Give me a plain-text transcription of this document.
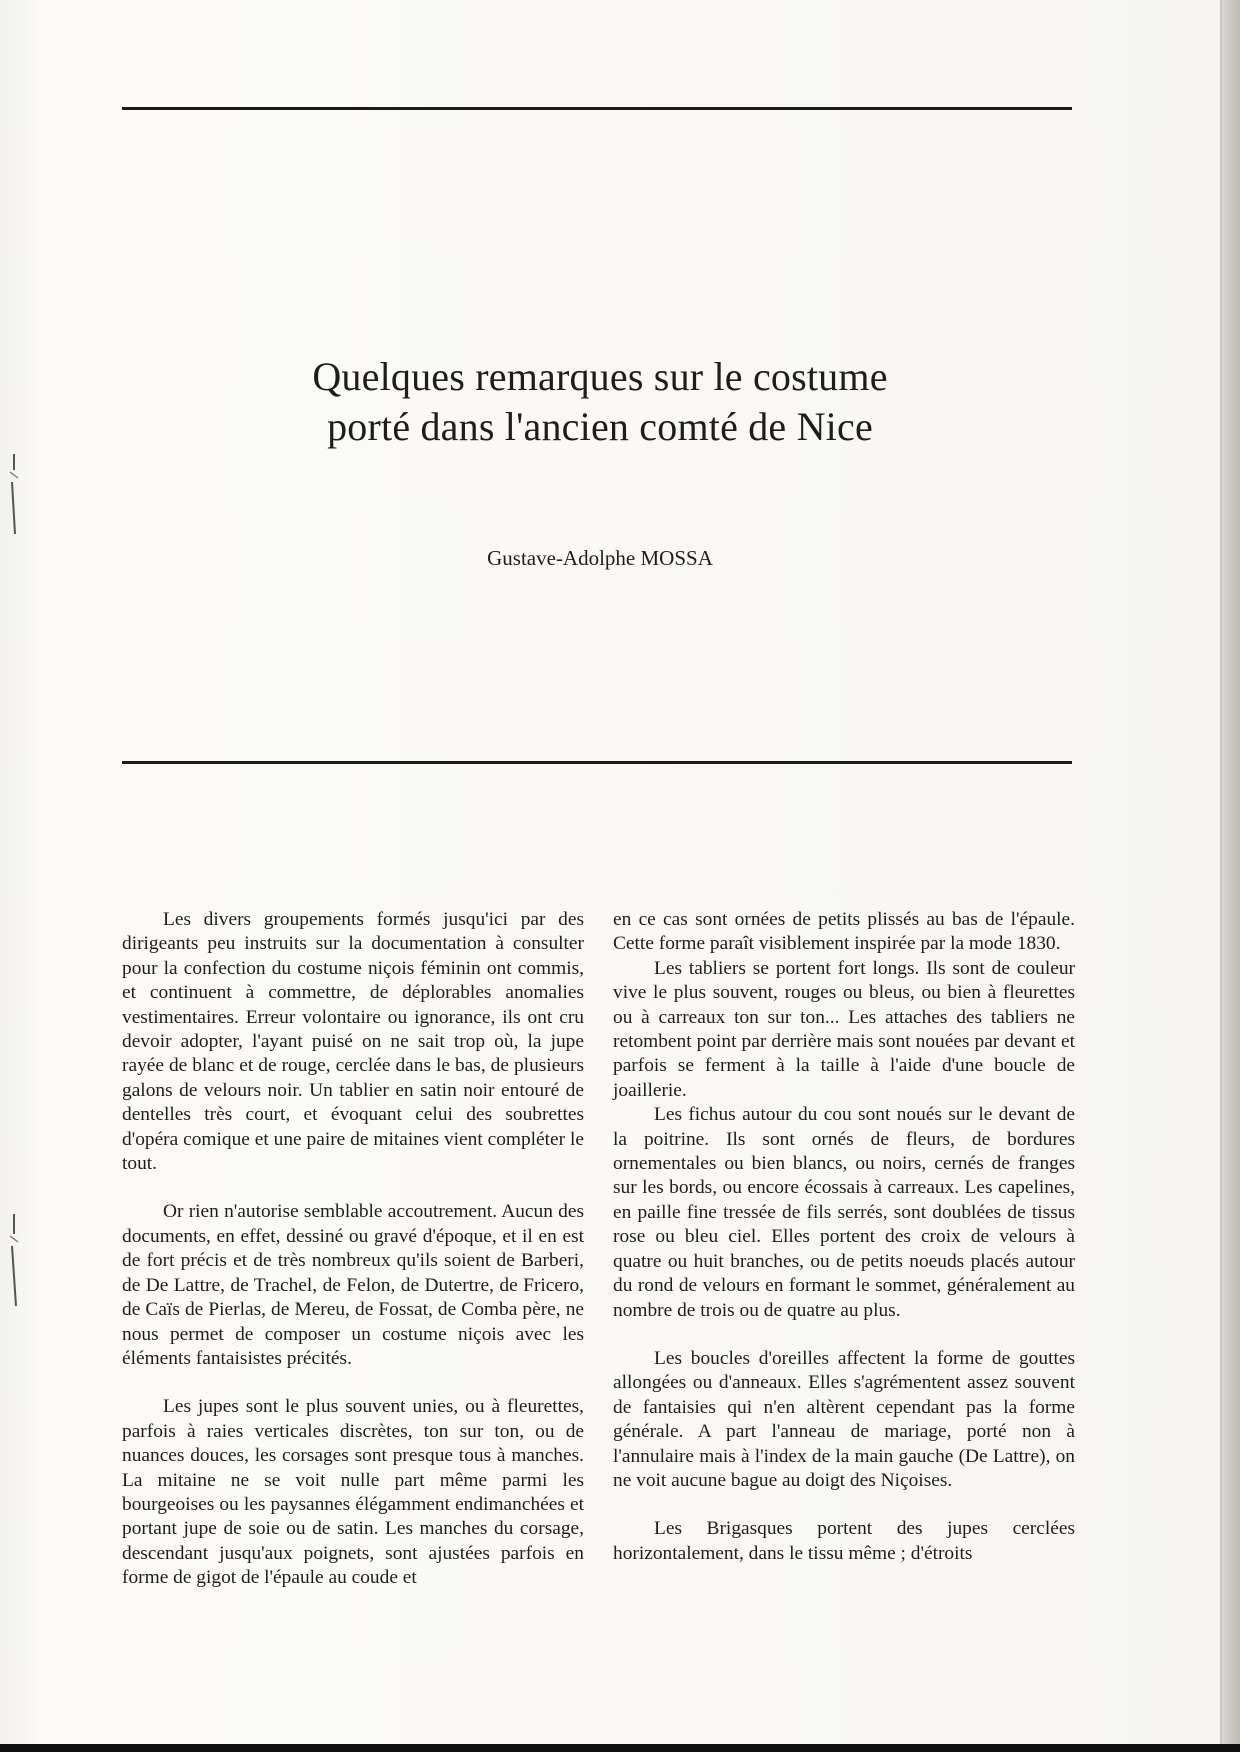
Quelques remarques sur le costume
porté dans l'ancien comté de Nice
Gustave-Adolphe MOSSA

Les divers groupements formés jusqu'ici par des dirigeants peu instruits sur la documentation à consulter pour la confection du costume niçois féminin ont commis, et continuent à commettre, de déplorables anomalies vestimentaires. Erreur volontaire ou ignorance, ils ont cru devoir adopter, l'ayant puisé on ne sait trop où, la jupe rayée de blanc et de rouge, cerclée dans le bas, de plusieurs galons de velours noir. Un tablier en satin noir entouré de dentelles très court, et évoquant celui des soubrettes d'opéra comique et une paire de mitaines vient compléter le tout.

Or rien n'autorise semblable accoutrement. Aucun des documents, en effet, dessiné ou gravé d'époque, et il en est de fort précis et de très nombreux qu'ils soient de Barberi, de De Lattre, de Trachel, de Felon, de Dutertre, de Fricero, de Caïs de Pierlas, de Mereu, de Fossat, de Comba père, ne nous permet de composer un costume niçois avec les éléments fantaisistes précités.

Les jupes sont le plus souvent unies, ou à fleurettes, parfois à raies verticales discrètes, ton sur ton, ou de nuances douces, les corsages sont presque tous à manches. La mitaine ne se voit nulle part même parmi les bourgeoises ou les paysannes élégamment endimanchées et portant jupe de soie ou de satin. Les manches du corsage, descendant jusqu'aux poignets, sont ajustées parfois en forme de gigot de l'épaule au coude et

en ce cas sont ornées de petits plissés au bas de l'épaule. Cette forme paraît visiblement inspirée par la mode 1830.

Les tabliers se portent fort longs. Ils sont de couleur vive le plus souvent, rouges ou bleus, ou bien à fleurettes ou à carreaux ton sur ton... Les attaches des tabliers ne retombent point par derrière mais sont nouées par devant et parfois se ferment à la taille à l'aide d'une boucle de joaillerie.

Les fichus autour du cou sont noués sur le devant de la poitrine. Ils sont ornés de fleurs, de bordures ornementales ou bien blancs, ou noirs, cernés de franges sur les bords, ou encore écossais à carreaux. Les capelines, en paille fine tressée de fils serrés, sont doublées de tissus rose ou bleu ciel. Elles portent des croix de velours à quatre ou huit branches, ou de petits noeuds placés autour du rond de velours en formant le sommet, généralement au nombre de trois ou de quatre au plus.

Les boucles d'oreilles affectent la forme de gouttes allongées ou d'anneaux. Elles s'agrémentent assez souvent de fantaisies qui n'en altèrent cependant pas la forme générale. A part l'anneau de mariage, porté non à l'annulaire mais à l'index de la main gauche (De Lattre), on ne voit aucune bague au doigt des Niçoises.

Les Brigasques portent des jupes cerclées horizontalement, dans le tissu même ; d'étroits
